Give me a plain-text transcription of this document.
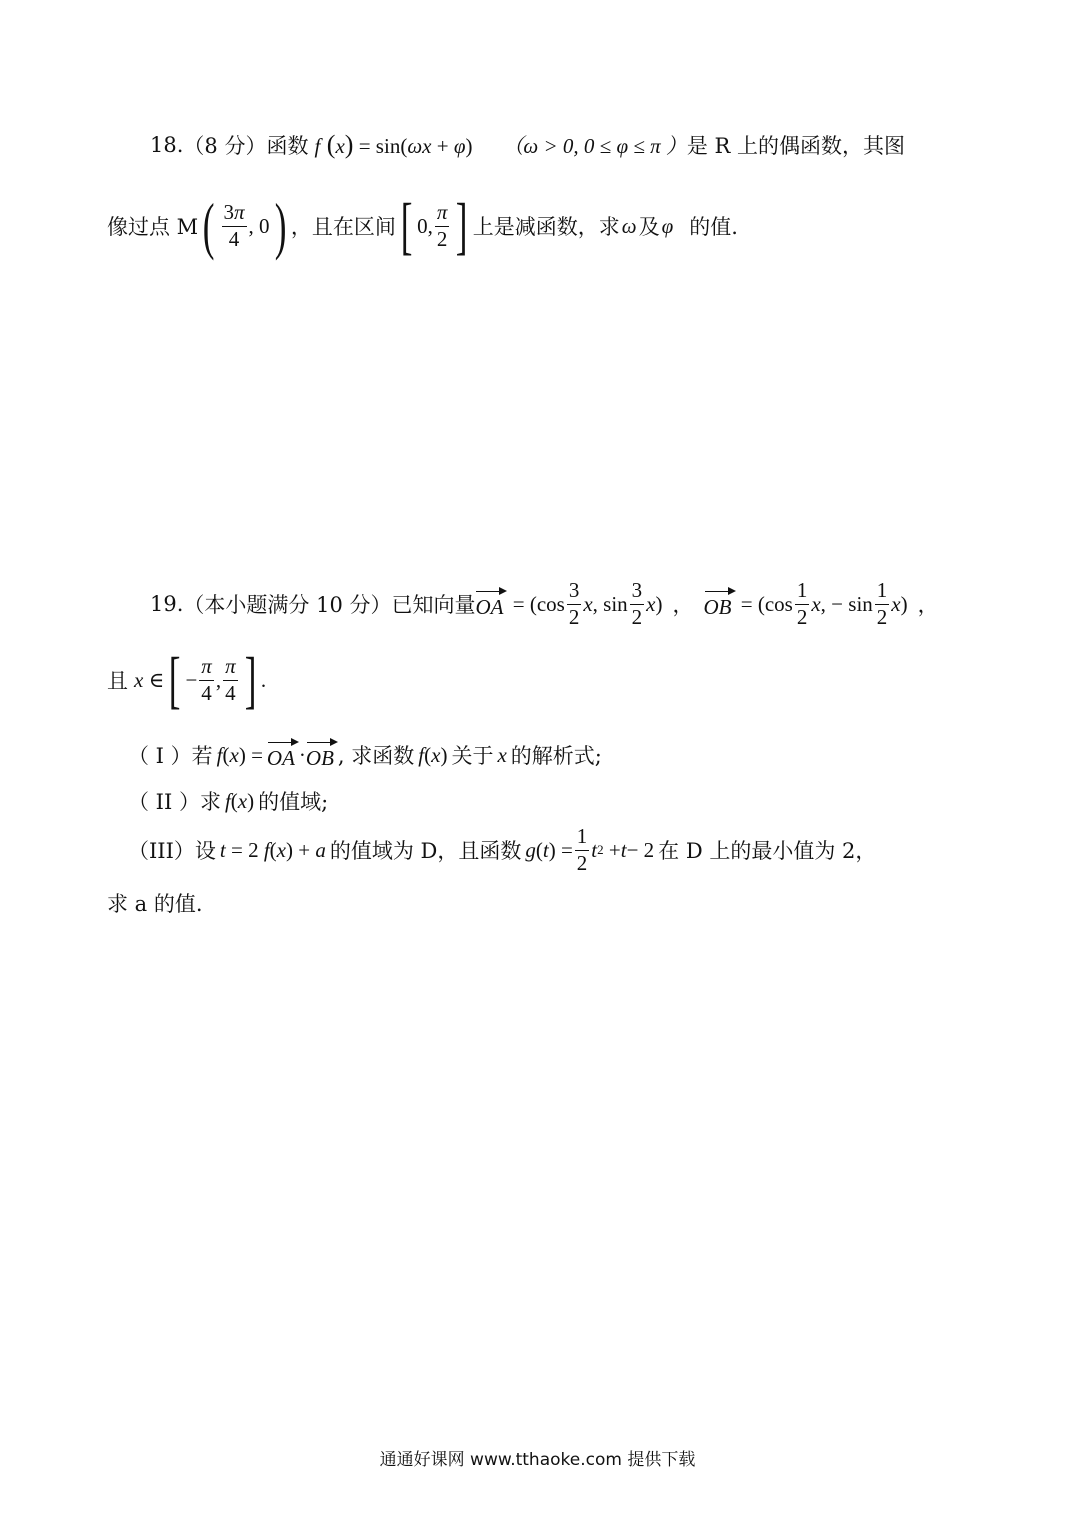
18. （8 分） 函数 f (x) = sin(ωx + φ) （ω > 0, 0 ≤ φ ≤ π ） 是 R 上的偶函数，其图
像过点 M ( $\frac{3\pi}{4}$ , 0 ) ，且在区间 [ 0, $\frac{\pi}{2}$ ] 上是减函数，求 ω 及 φ 的值.
19. （本小题满分 10 分） 已知向量 OA = ($\cos \frac{3}{2}$ x , $\sin \frac{3}{2}$ x ) ， OB = ($\cos \frac{1}{2}$ x , − $\sin \frac{1}{2}$ x ) ，
且 x ∈ [ − $\frac{\pi}{4}$ , $\frac{\pi}{4}$ ] .
（ I ） 若 f ( x ) = OA · OB , 求函数 f(x) 关于 x 的解析式;
（ II ） 求 f(x) 的值域;
（III） 设 t = 2 f(x) + a 的值域为 D，且函数 g ( t ) = $\frac{1}{2}$ t 2 + t − 2 在 D 上的最小值为 2，
求 a 的值.
通通好课网 www.tthaoke.com 提供下载
